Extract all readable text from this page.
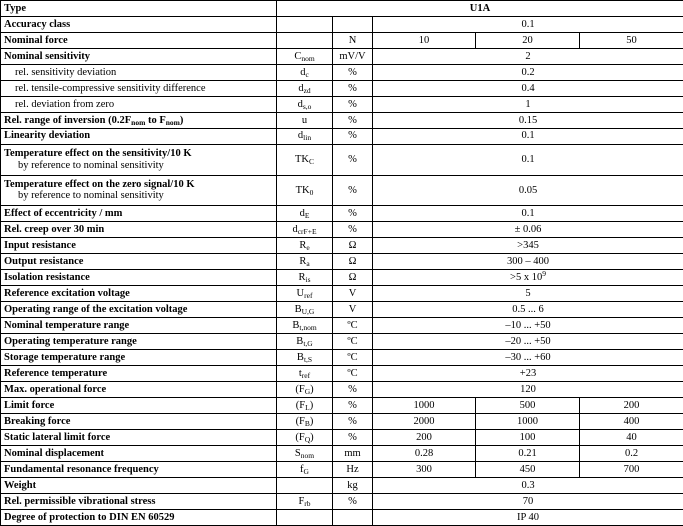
Type	U1A				
Accuracy class			0.1		
Nominal force		N	10	20	50
Nominal sensitivity	$C_{nom}$	mV/V	2		
rel. sensitivity deviation	$d_c$	%	0.2		
rel. tensile-compressive sensitivity difference	$d_{zd}$	%	0.4		
rel. deviation from zero	$d_{s,o}$	%	1		
Rel. range of inversion ($0.2F_{nom}$ to $F_{nom}$)	u	%	0.15		
Linearity deviation	$d_{lin}$	%	0.1		

Temperature effect on the sensitivity/10 K
by reference to nominal sensitivity	$TK_C$	%	0.1		

Temperature effect on the zero signal/10 K
by reference to nominal sensitivity	$TK_0$	%	0.05		
Effect of eccentricity / mm	$d_E$	%	0.1		
Rel. creep over 30 min	$d_{crF+E}$	%	± 0.06		
Input resistance	$R_e$	Ω	>345		
Output resistance	$R_a$	Ω	300 – 400		
Isolation resistance	$R_{is}$	Ω	>5 x $10^9$
Reference excitation voltage	$U_{ref}$	V	5		
Operating range of the excitation voltage	$B_{U,G}$	V	0.5 ... 6		
Nominal temperature range	$B_{t,nom}$	ºC	–10 ... +50		
Operating temperature range	$B_{t,G}$	ºC	–20 ... +50		
Storage temperature range	$B_{t,S}$	ºC	–30 ... +60		
Reference temperature	$t_{ref}$	ºC	+23		
Max. operational force	$(F_G)$	%	120		
Limit force	$(F_L)$	%	1000	500	200
Breaking force	$(F_B)$	%	2000	1000	400
Static lateral limit force	$(F_Q)$	%	200	100	40
Nominal displacement	$S_{nom}$	mm	0.28	0.21	0.2
Fundamental resonance frequency	$f_G$	Hz	300	450	700
Weight		kg	0.3		
Rel. permissible vibrational stress	$F_{rb}$	%	70		
Degree of protection to DIN EN 60529			IP 40		
